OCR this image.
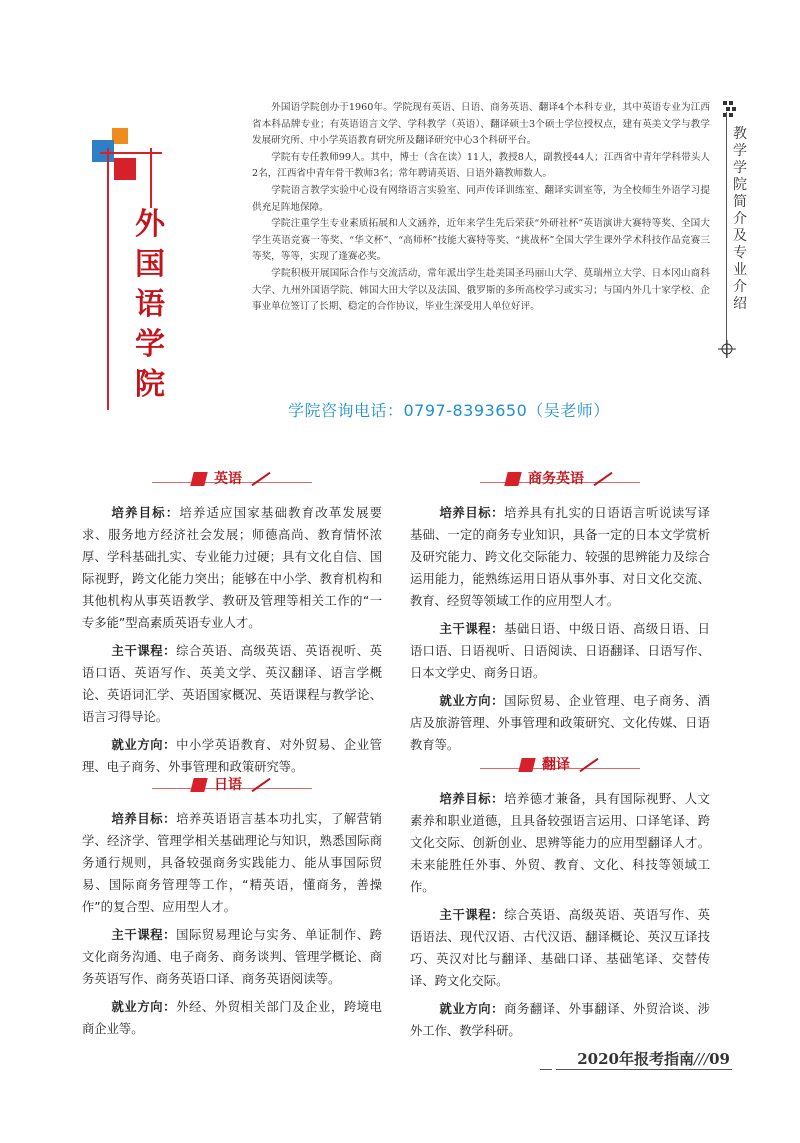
外国语学院

外国语学院创办于1960年。学院现有英语、日语、商务英语、翻译4个本科专业，其中英语专业为江西省本科品牌专业；有英语语言文学、学科教学（英语）、翻译硕士3个硕士学位授权点，建有英美文学与教学发展研究所、中小学英语教育研究所及翻译研究中心3个科研平台。

学院有专任教师99人。其中，博士（含在读）11人，教授8人，副教授44人；江西省中青年学科带头人2名，江西省中青年骨干教师3名；常年聘请英语、日语外籍教师数人。

学院语言教学实验中心设有网络语言实验室、同声传译训练室、翻译实训室等，为全校师生外语学习提供充足阵地保障。

学院注重学生专业素质拓展和人文涵养，近年来学生先后荣获“外研社杯”英语演讲大赛特等奖、全国大学生英语竞赛一等奖、“华文杯”、“高师杯”技能大赛特等奖、“挑战杯”全国大学生课外学术科技作品竞赛三等奖，等等，实现了逢赛必奖。

学院积极开展国际合作与交流活动，常年派出学生赴美国圣玛丽山大学、莫瑞州立大学、日本冈山商科大学、九州外国语学院、韩国大田大学以及法国、俄罗斯的多所高校学习或实习；与国内外几十家学校、企事业单位签订了长期、稳定的合作协议，毕业生深受用人单位好评。

教学学院简介及专业介绍
学院咨询电话：0797-8393650（吴老师）
英语

培养目标：培养适应国家基础教育改革发展要求、服务地方经济社会发展；师德高尚、教育情怀浓厚、学科基础扎实、专业能力过硬；具有文化自信、国际视野，跨文化能力突出；能够在中小学、教育机构和其他机构从事英语教学、教研及管理等相关工作的“一专多能”型高素质英语专业人才。

主干课程：综合英语、高级英语、英语视听、英语口语、英语写作、英美文学、英汉翻译、语言学概论、英语词汇学、英语国家概况、英语课程与教学论、语言习得导论。

就业方向：中小学英语教育、对外贸易、企业管理、电子商务、外事管理和政策研究等。

商务英语

培养目标：培养具有扎实的日语语言听说读写译基础、一定的商务专业知识，具备一定的日本文学赏析及研究能力、跨文化交际能力、较强的思辨能力及综合运用能力，能熟练运用日语从事外事、对日文化交流、教育、经贸等领域工作的应用型人才。

主干课程：基础日语、中级日语、高级日语、日语口语、日语视听、日语阅读、日语翻译、日语写作、日本文学史、商务日语。

就业方向：国际贸易、企业管理、电子商务、酒店及旅游管理、外事管理和政策研究、文化传媒、日语教育等。

日语

培养目标：培养英语语言基本功扎实，了解营销学、经济学、管理学相关基础理论与知识，熟悉国际商务通行规则，具备较强商务实践能力、能从事国际贸易、国际商务管理等工作，“精英语，懂商务，善操作”的复合型、应用型人才。

主干课程：国际贸易理论与实务、单证制作、跨文化商务沟通、电子商务、商务谈判、管理学概论、商务英语写作、商务英语口译、商务英语阅读等。

就业方向：外经、外贸相关部门及企业，跨境电商企业等。

翻译

培养目标：培养德才兼备，具有国际视野、人文素养和职业道德，且具备较强语言运用、口译笔译、跨文化交际、创新创业、思辨等能力的应用型翻译人才。未来能胜任外事、外贸、教育、文化、科技等领域工作。

主干课程：综合英语、高级英语、英语写作、英语语法、现代汉语、古代汉语、翻译概论、英汉互译技巧、英汉对比与翻译、基础口译、基础笔译、交替传译、跨文化交际。

就业方向：商务翻译、外事翻译、外贸洽谈、涉外工作、教学科研。

2020年报考指南///09
